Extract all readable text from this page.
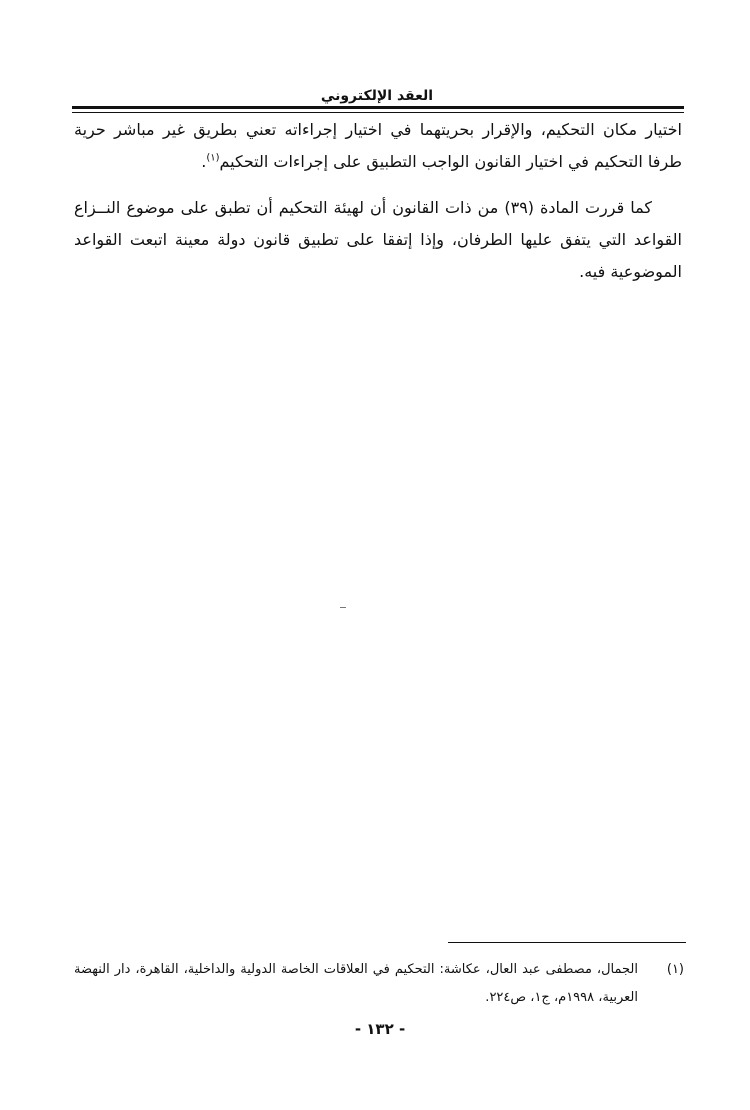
العقد الإلكتروني

اختيار مكان التحكيم، والإقرار بحريتهما في اختيار إجراءاته تعني بطريق غير مباشر حرية طرفا التحكيم في اختيار القانون الواجب التطبيق على إجراءات التحكيم$^{(١)}$.

كما قررت المادة (٣٩) من ذات القانون أن لهيئة التحكيم أن تطبق على موضوع النــزاع القواعد التي يتفق عليها الطرفان، وإذا إتفقا على تطبيق قانون دولة معينة اتبعت القواعد الموضوعية فيه.

(١)
الجمال، مصطفى عبد العال، عكاشة: التحكيم في العلاقات الخاصة الدولية والداخلية، القاهرة، دار النهضة العربية، ١٩٩٨م، ج١، ص٢٢٤.
- ١٣٢ -
